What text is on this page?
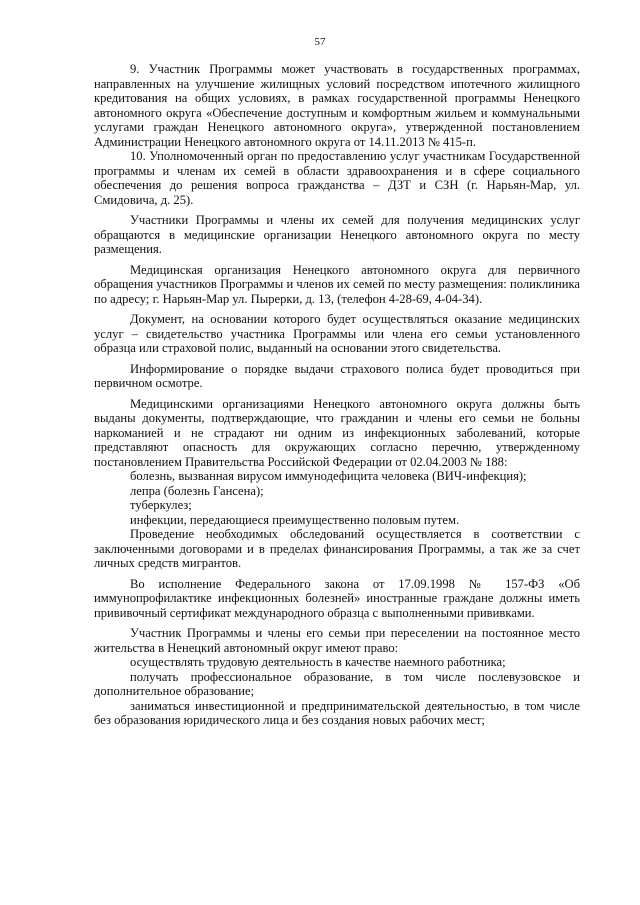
57

9. Участник Программы может участвовать в государственных программах, направленных на улучшение жилищных условий посредством ипотечного жилищного кредитования на общих условиях, в рамках государственной программы Ненецкого автономного округа «Обеспечение доступным и комфортным жильем и коммунальными услугами граждан Ненецкого автономного округа», утвержденной постановлением Администрации Ненецкого автономного округа от 14.11.2013 № 415-п.

10. Уполномоченный орган по предоставлению услуг участникам Государственной программы и членам их семей в области здравоохранения и в сфере социального обеспечения до решения вопроса гражданства – ДЗТ и СЗН (г. Нарьян-Мар, ул. Смидовича, д. 25).

Участники Программы и члены их семей для получения медицинских услуг обращаются в медицинские организации Ненецкого автономного округа по месту размещения.

Медицинская организация Ненецкого автономного округа для первичного обращения участников Программы и членов их семей по месту размещения: поликлиника по адресу; г. Нарьян-Мар ул. Пырерки, д. 13, (телефон 4-28-69, 4-04-34).

Документ, на основании которого будет осуществляться оказание медицинских услуг – свидетельство участника Программы или члена его семьи установленного образца или страховой полис, выданный на основании этого свидетельства.

Информирование о порядке выдачи страхового полиса будет проводиться при первичном осмотре.

Медицинскими организациями Ненецкого автономного округа должны быть выданы документы, подтверждающие, что гражданин и члены его семьи не больны наркоманией и не страдают ни одним из инфекционных заболеваний, которые представляют опасность для окружающих согласно перечню, утвержденному постановлением Правительства Российской Федерации от 02.04.2003 № 188:

болезнь, вызванная вирусом иммунодефицита человека (ВИЧ-инфекция);

лепра (болезнь Гансена);

туберкулез;

инфекции, передающиеся преимущественно половым путем.

Проведение необходимых обследований осуществляется в соответствии с заключенными договорами и в пределах финансирования Программы, а так же за счет личных средств мигрантов.

Во исполнение Федерального закона от 17.09.1998 № 157-ФЗ «Об иммунопрофилактике инфекционных болезней» иностранные граждане должны иметь прививочный сертификат международного образца с выполненными прививками.

Участник Программы и члены его семьи при переселении на постоянное место жительства в Ненецкий автономный округ имеют право:

осуществлять трудовую деятельность в качестве наемного работника;

получать профессиональное образование, в том числе послевузовское и дополнительное образование;

заниматься инвестиционной и предпринимательской деятельностью, в том числе без образования юридического лица и без создания новых рабочих мест;
